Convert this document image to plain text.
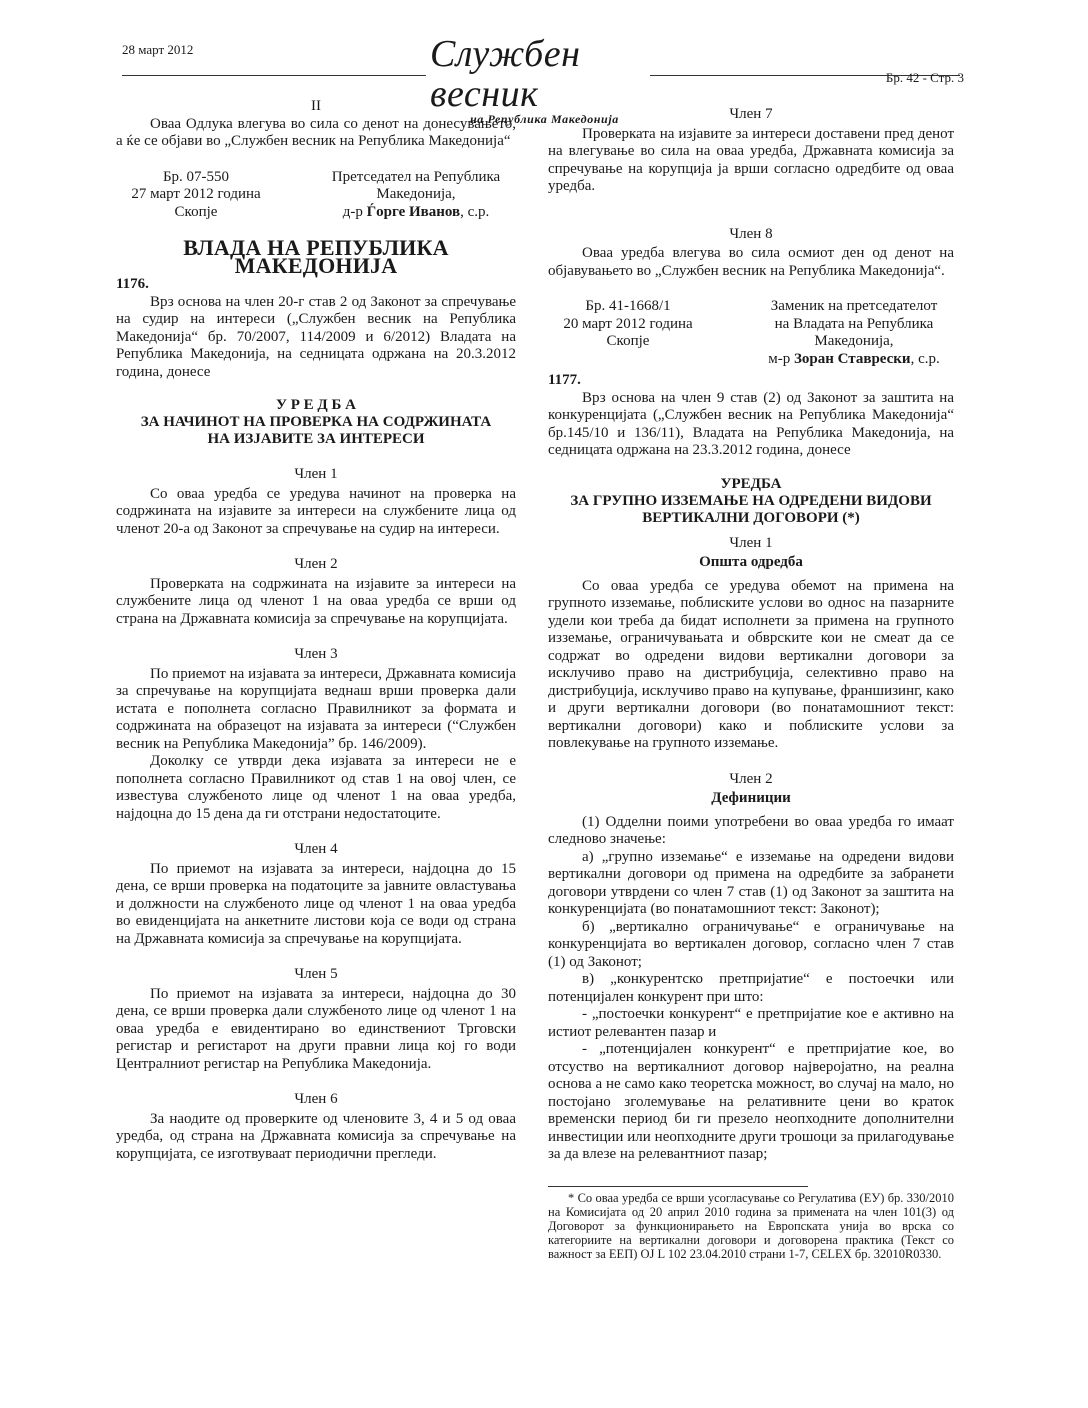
28 март 2012	Службен весник
на Република Македонија
Бр. 42 - Стр. 3
II

Оваа Одлука влегува во сила со денот на донесувањето, а ќе се објави во „Службен весник на Република Македонија“

Бр. 07-550
27 март 2012 година
Скопје
Претседател на Република
Македонија,
д-р Ѓорге Иванов, с.р.
ВЛАДА НА РЕПУБЛИКА МАКЕДОНИЈА
1176.

Врз основа на член 20-г став 2 од Законот за спречување на судир на интереси („Службен весник на Република Македонија“ бр. 70/2007, 114/2009 и 6/2012) Владата на Република Македонија, на седницата одржана на 20.3.2012 година, донесе

У Р Е Д Б А
ЗА НАЧИНОТ НА ПРОВЕРКА НА СОДРЖИНАТА
НА ИЗЈАВИТЕ ЗА ИНТЕРЕСИ
Член 1

Со оваа уредба се уредува начинот на проверка на содржината на изјавите за интереси на службените лица од членот 20-а од Законот за спречување на судир на интереси.

Член 2

Проверката на содржината на изјавите за интереси на службените лица од членот 1 на оваа уредба се врши од страна на Државната комисија за спречување на корупцијата.

Член 3

По приемот на изјавата за интереси, Државната комисија за спречување на корупцијата веднаш врши проверка дали истата е пополнета согласно Правилникот за формата и содржината на образецот на изјавата за интереси (“Службен весник на Република Македонија” бр. 146/2009).

Доколку се утврди дека изјавата за интереси не е пополнета согласно Правилникот од став 1 на овој член, се известува службеното лице од членот 1 на оваа уредба, најдоцна до 15 дена да ги отстрани недостатоците.

Член 4

По приемот на изјавата за интереси, најдоцна до 15 дена, се врши проверка на податоците за јавните овластувања и должности на службеното лице од членот 1 на оваа уредба во евиденцијата на анкетните листови која се води од страна на Државната комисија за спречување на корупцијата.

Член 5

По приемот на изјавата за интереси, најдоцна до 30 дена, се врши проверка дали службеното лице од членот 1 на оваа уредба е евидентирано во единствениот Трговски регистар и регистарот на други правни лица кој го води Централниот регистар на Република Македонија.

Член 6

За наодите од проверките од членовите 3, 4 и 5 од оваа уредба, од страна на Државната комисија за спречување на корупцијата, се изготвуваат периодични прегледи.

Член 7

Проверката на изјавите за интереси доставени пред денот на влегување во сила на оваа уредба, Државната комисија за спречување на корупција ја врши согласно одредбите од оваа уредба.

Член 8

Оваа уредба влегува во сила осмиот ден од денот на објавувањето во „Службен весник на Република Македонија“.

Бр. 41-1668/1
20 март 2012 година
Скопје
Заменик на претседателот
на Владата на Република
Македонија,
м-р Зоран Ставрески, с.р.
1177.

Врз основа на член 9 став (2) од Законот за заштита на конкуренцијата („Службен весник на Република Македонија“ бр.145/10 и 136/11), Владата на Република Македонија, на седницата одржана на 23.3.2012 година, донесе

УРЕДБА
ЗА ГРУПНО ИЗЗЕМАЊЕ НА ОДРЕДЕНИ ВИДОВИ
ВЕРТИКАЛНИ ДОГОВОРИ (*)
Член 1
Општа одредба

Со оваа уредба се уредува обемот на примена на групното изземање, поблиските услови во однос на пазарните удели кои треба да бидат исполнети за примена на групното изземање, ограничувањата и обврските кои не смеат да се содржат во одредени видови вертикални договори за исклучиво право на дистрибуција, селективно право на дистрибуција, исклучиво право на купување, франшизинг, како и други вертикални договори (во понатамошниот текст: вертикални договори) како и поблиските услови за повлекување на групното изземање.

Член 2
Дефиниции

(1) Одделни поими употребени во оваа уредба го имаат следново значење:

а) „групно изземање“ е изземање на одредени видови вертикални договори од примена на одредбите за забранети договори утврдени со член 7 став (1) од Законот за заштита на конкуренцијата (во понатамошниот текст: Законот);

б) „вертикално ограничување“ е ограничување на конкуренцијата во вертикален договор, согласно член 7 став (1) од Законот;

в) „конкурентско претпријатие“ е постоечки или потенцијален конкурент при што:

- „постоечки конкурент“ е претпријатие кое е активно на истиот релевантен пазар и

- „потенцијален конкурент“ е претпријатие кое, во отсуство на вертикалниот договор најверојатно, на реална основа а не само како теоретска можност, во случај на мало, но постојано зголемување на релативните цени во краток временски период би ги презело неопходните дополнителни инвестиции или неопходните други трошоци за прилагодување за да влезе на релевантниот пазар;

* Со оваа уредба се врши усогласување со Регулатива (ЕУ) бр. 330/2010 на Комисијата од 20 април 2010 година за примената на член 101(3) од Договорот за функционирањето на Европската унија во врска со категориите на вертикални договори и договорена практика (Текст со важност за ЕЕП) OJ L 102 23.04.2010 страни 1-7, CELEX бр. 32010R0330.
